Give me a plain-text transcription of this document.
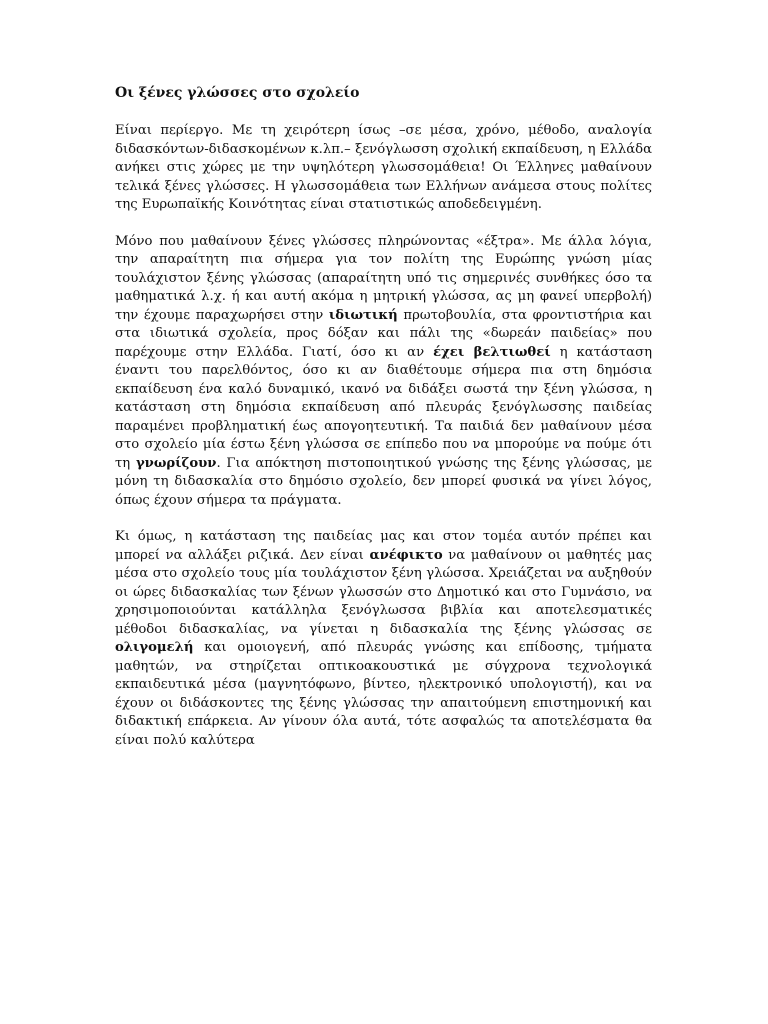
Οι ξένες γλώσσες στο σχολείο

Είναι περίεργο. Με τη χειρότερη ίσως –σε μέσα, χρόνο, μέθοδο, αναλογία διδασκόντων-διδασκομένων κ.λπ.– ξενόγλωσση σχολική εκπαίδευση, η Ελλάδα ανήκει στις χώρες με την υψηλότερη γλωσσομάθεια! Οι Έλληνες μαθαίνουν τελικά ξένες γλώσσες. Η γλωσσομάθεια των Ελλήνων ανάμεσα στους πολίτες της Ευρωπαϊκής Κοινότητας είναι στατιστικώς αποδεδειγμένη.

Μόνο που μαθαίνουν ξένες γλώσσες πληρώνοντας «έξτρα». Με άλλα λόγια, την απαραίτητη πια σήμερα για τον πολίτη της Ευρώπης γνώση μίας τουλάχιστον ξένης γλώσσας (απαραίτητη υπό τις σημερινές συνθήκες όσο τα μαθηματικά λ.χ. ή και αυτή ακόμα η μητρική γλώσσα, ας μη φανεί υπερβολή) την έχουμε παραχωρήσει στην ιδιωτική πρωτοβουλία, στα φροντιστήρια και στα ιδιωτικά σχολεία, προς δόξαν και πάλι της «δωρεάν παιδείας» που παρέχουμε στην Ελλάδα. Γιατί, όσο κι αν έχει βελτιωθεί η κατάσταση έναντι του παρελθόντος, όσο κι αν διαθέτουμε σήμερα πια στη δημόσια εκπαίδευση ένα καλό δυναμικό, ικανό να διδάξει σωστά την ξένη γλώσσα, η κατάσταση στη δημόσια εκπαίδευση από πλευράς ξενόγλωσσης παιδείας παραμένει προβληματική έως απογοητευτική. Τα παιδιά δεν μαθαίνουν μέσα στο σχολείο μία έστω ξένη γλώσσα σε επίπεδο που να μπορούμε να πούμε ότι τη γνωρίζουν. Για απόκτηση πιστοποιητικού γνώσης της ξένης γλώσσας, με μόνη τη διδασκαλία στο δημόσιο σχολείο, δεν μπορεί φυσικά να γίνει λόγος, όπως έχουν σήμερα τα πράγματα.

Κι όμως, η κατάσταση της παιδείας μας και στον τομέα αυτόν πρέπει και μπορεί να αλλάξει ριζικά. Δεν είναι ανέφικτο να μαθαίνουν οι μαθητές μας μέσα στο σχολείο τους μία τουλάχιστον ξένη γλώσσα. Χρειάζεται να αυξηθούν οι ώρες διδασκαλίας των ξένων γλωσσών στο Δημοτικό και στο Γυμνάσιο, να χρησιμοποιούνται κατάλληλα ξενόγλωσσα βιβλία και αποτελεσματικές μέθοδοι διδασκαλίας, να γίνεται η διδασκαλία της ξένης γλώσσας σε ολιγομελή και ομοιογενή, από πλευράς γνώσης και επίδοσης, τμήματα μαθητών, να στηρίζεται οπτικοακουστικά με σύγχρονα τεχνολογικά εκπαιδευτικά μέσα (μαγνητόφωνο, βίντεο, ηλεκτρονικό υπολογιστή), και να έχουν οι διδάσκοντες της ξένης γλώσσας την απαιτούμενη επιστημονική και διδακτική επάρκεια. Αν γίνουν όλα αυτά, τότε ασφαλώς τα αποτελέσματα θα είναι πολύ καλύτερα
